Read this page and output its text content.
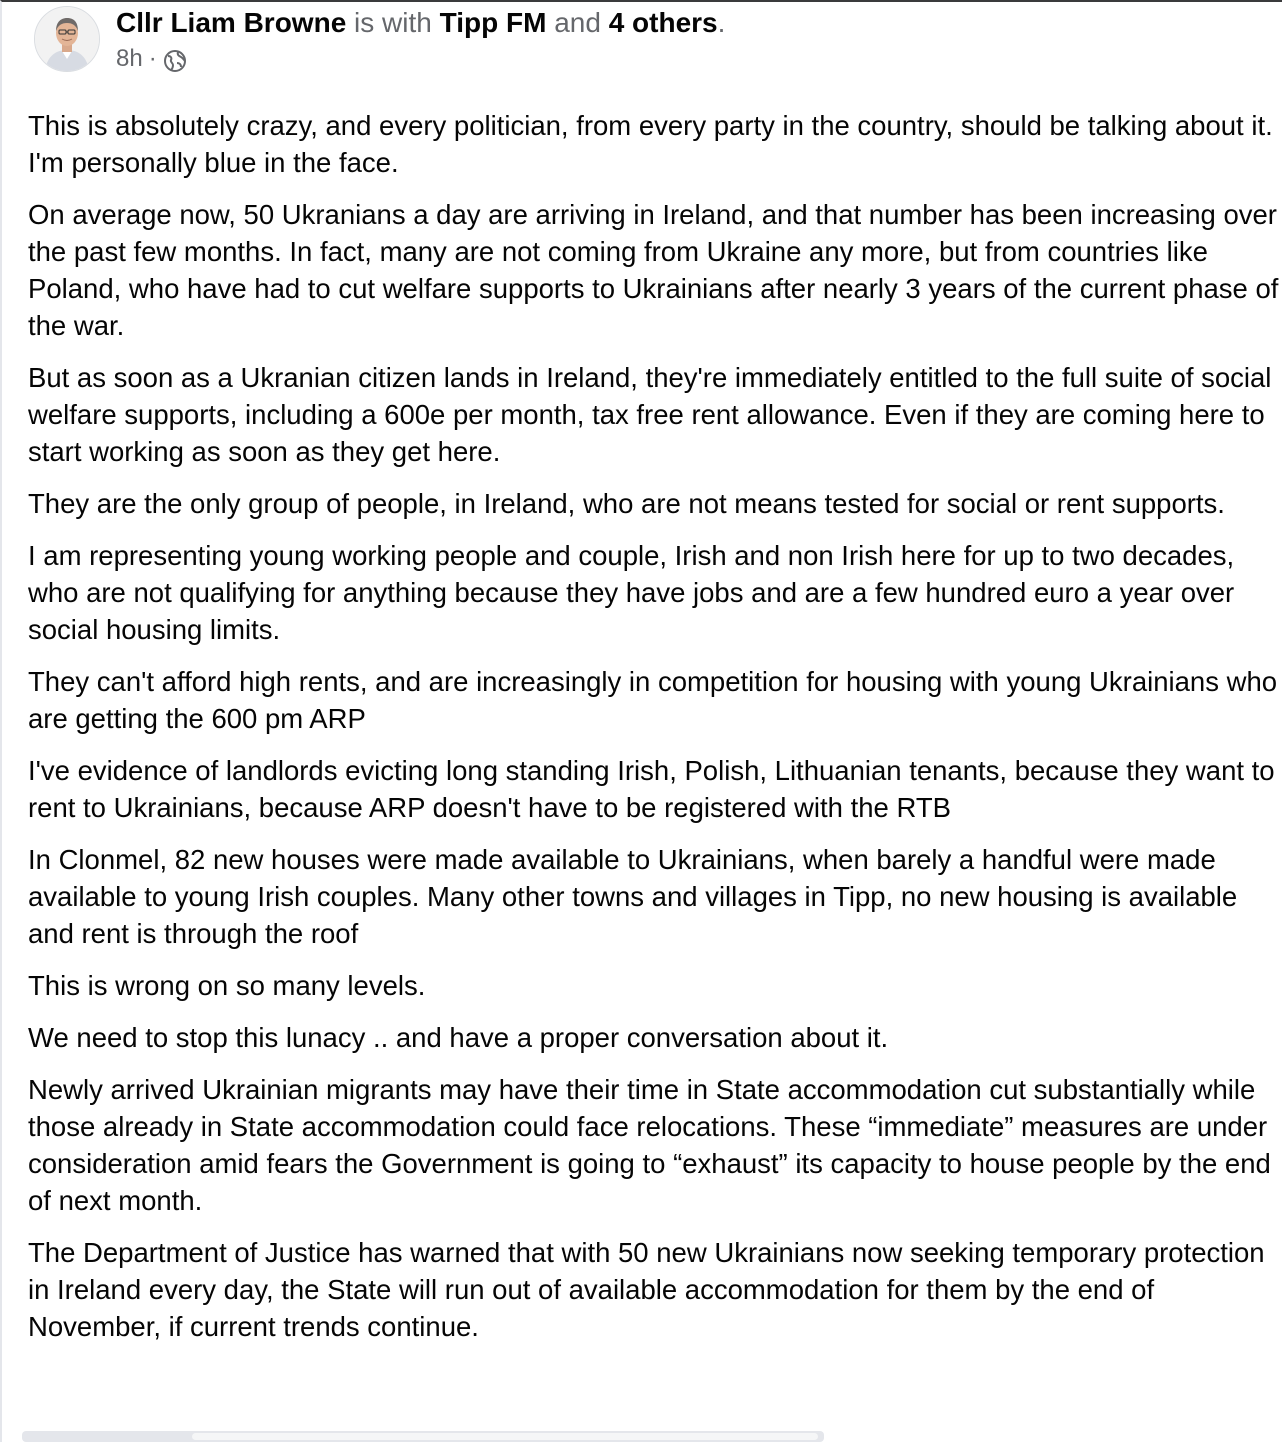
Cllr Liam Browne is with Tipp FM and 4 others.
8h ·

This is absolutely crazy, and every politician, from every party in the country, should be talking about it. I'm personally blue in the face.

On average now, 50 Ukranians a day are arriving in Ireland, and that number has been increasing over the past few months. In fact, many are not coming from Ukraine any more, but from countries like Poland, who have had to cut welfare supports to Ukrainians after nearly 3 years of the current phase of the war.

But as soon as a Ukranian citizen lands in Ireland, they're immediately entitled to the full suite of social welfare supports, including a 600e per month, tax free rent allowance. Even if they are coming here to start working as soon as they get here.

They are the only group of people, in Ireland, who are not means tested for social or rent supports.

I am representing young working people and couple, Irish and non Irish here for up to two decades, who are not qualifying for anything because they have jobs and are a few hundred euro a year over social housing limits.

They can't afford high rents, and are increasingly in competition for housing with young Ukrainians who are getting the 600 pm ARP

I've evidence of landlords evicting long standing Irish, Polish, Lithuanian tenants, because they want to rent to Ukrainians, because ARP doesn't have to be registered with the RTB

In Clonmel, 82 new houses were made available to Ukrainians, when barely a handful were made available to young Irish couples. Many other towns and villages in Tipp, no new housing is available and rent is through the roof

This is wrong on so many levels.

We need to stop this lunacy .. and have a proper conversation about it.

Newly arrived Ukrainian migrants may have their time in State accommodation cut substantially while those already in State accommodation could face relocations. These “immediate” measures are under consideration amid fears the Government is going to “exhaust” its capacity to house people by the end of next month.

The Department of Justice has warned that with 50 new Ukrainians now seeking temporary protection in Ireland every day, the State will run out of available accommodation for them by the end of November, if current trends continue.
